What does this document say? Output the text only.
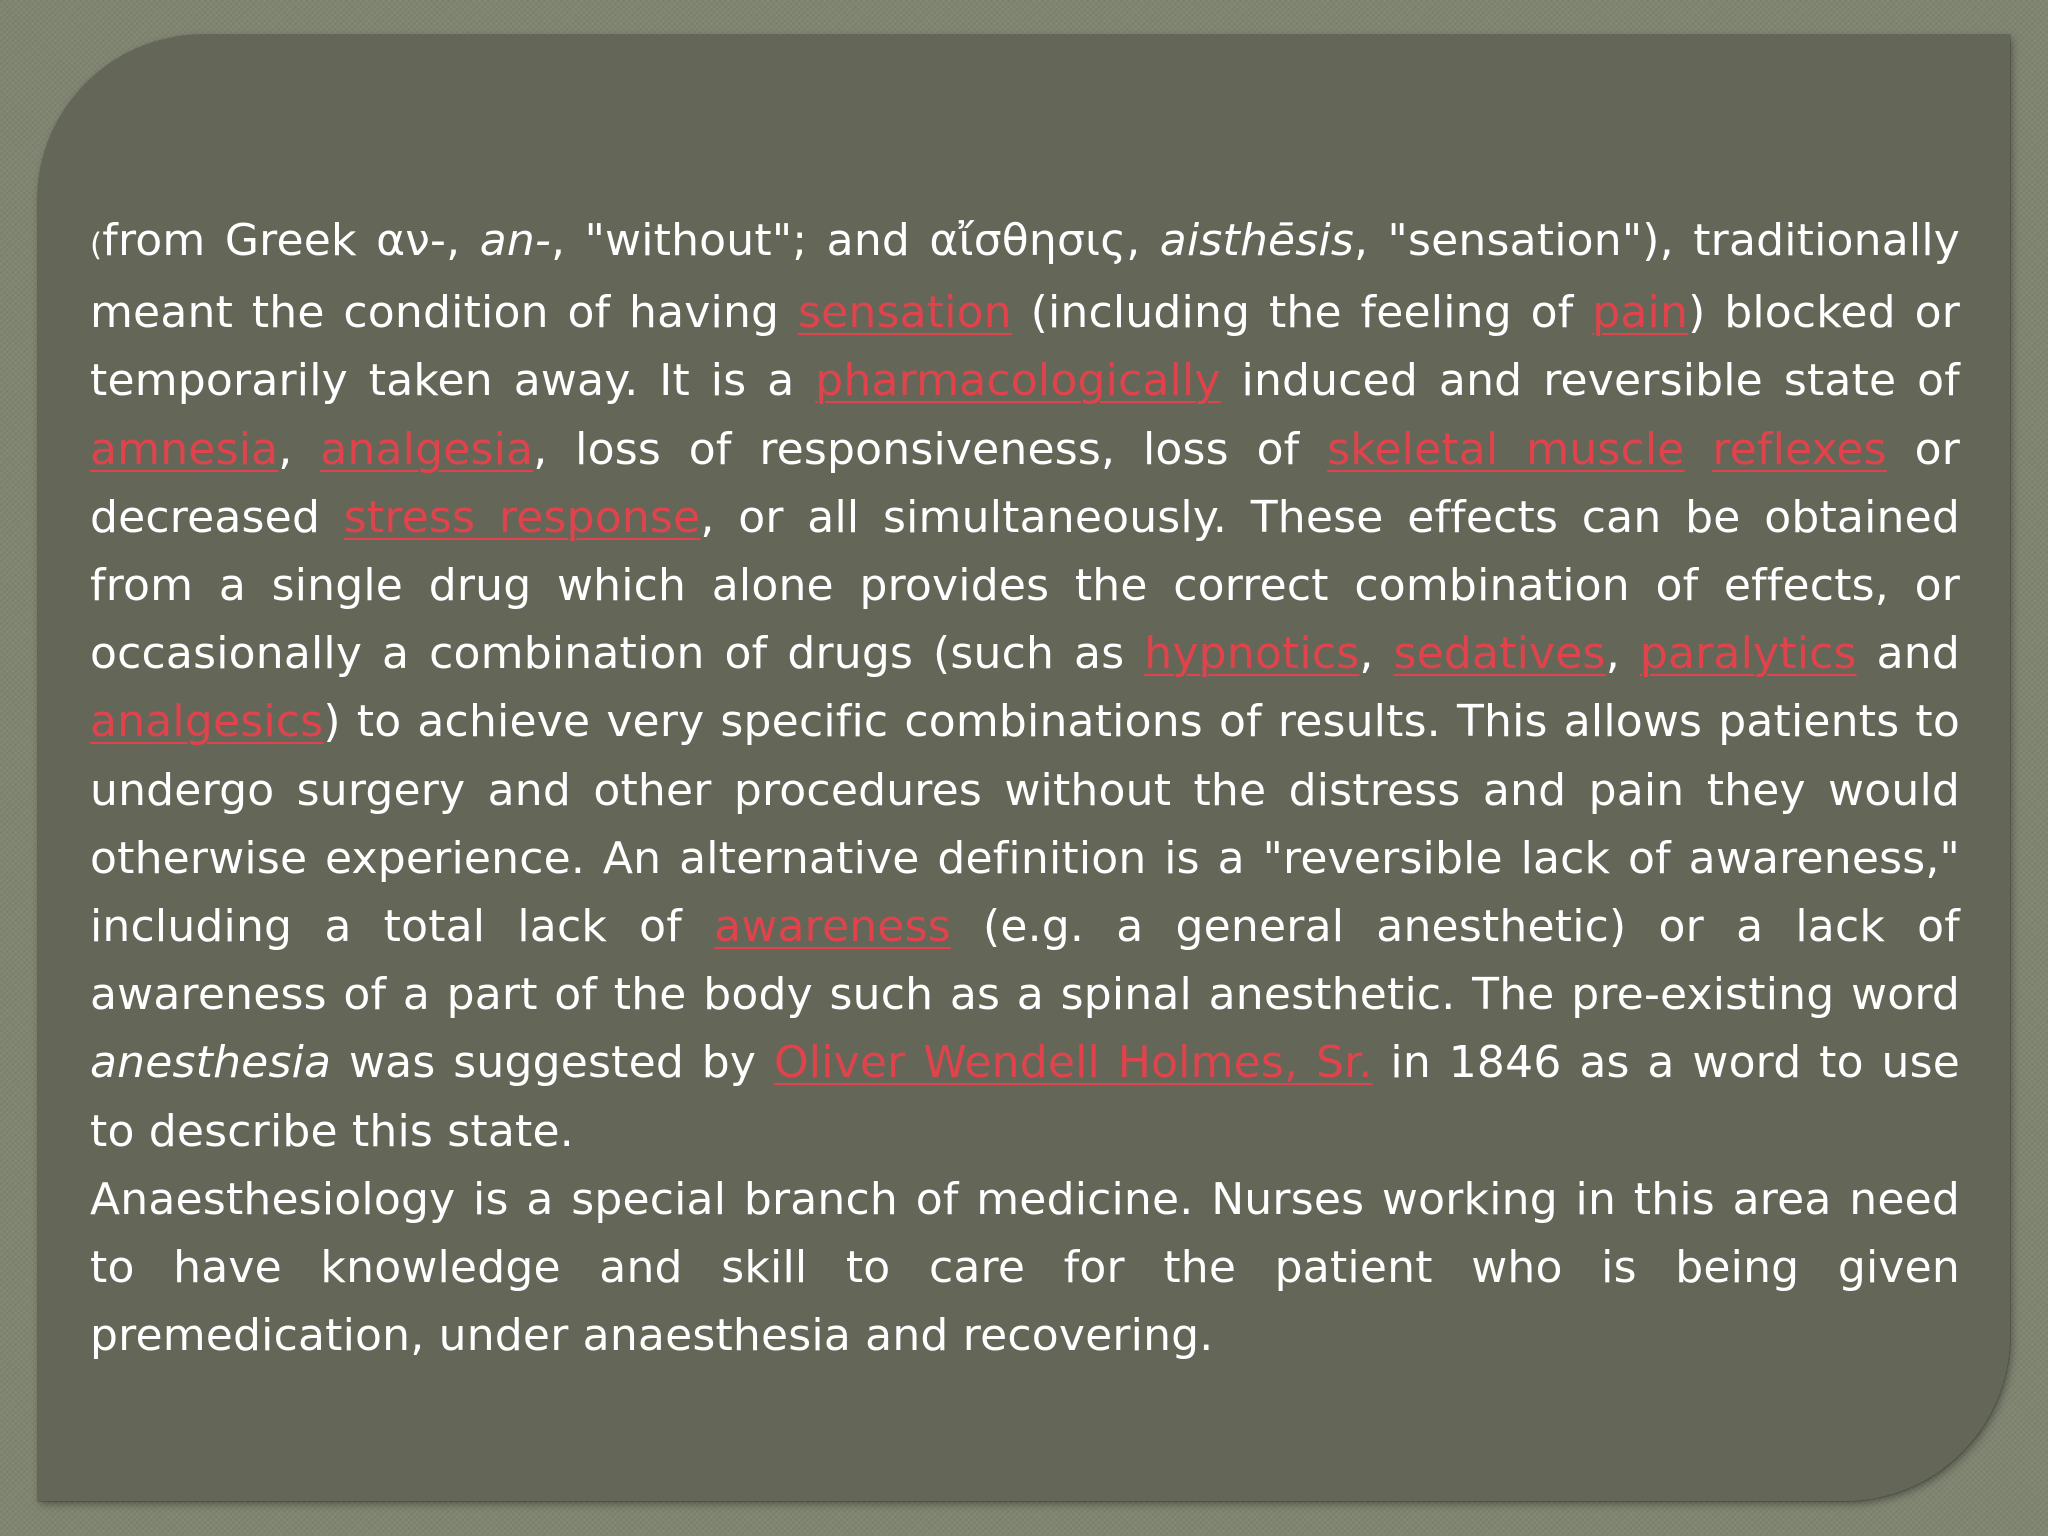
(from Greek αν-, an-, "without"; and αἴσθησις, aisthēsis, "sensation"), traditionally meant the condition of having sensation (including the feeling of pain) blocked or temporarily taken away. It is a pharmacologically induced and reversible state of amnesia, analgesia, loss of responsiveness, loss of skeletal muscle reflexes or decreased stress response, or all simultaneously. These effects can be obtained from a single drug which alone provides the correct combination of effects, or occasionally a combination of drugs (such as hypnotics, sedatives, paralytics and analgesics) to achieve very specific combinations of results. This allows patients to undergo surgery and other procedures without the distress and pain they would otherwise experience. An alternative definition is a "reversible lack of awareness," including a total lack of awareness (e.g. a general anesthetic) or a lack of awareness of a part of the body such as a spinal anesthetic. The pre-existing word anesthesia was suggested by Oliver Wendell Holmes, Sr. in 1846 as a word to use to describe this state.

Anaesthesiology is a special branch of medicine. Nurses working in this area need to have knowledge and skill to care for the patient who is being given premedication, under anaesthesia and recovering.
